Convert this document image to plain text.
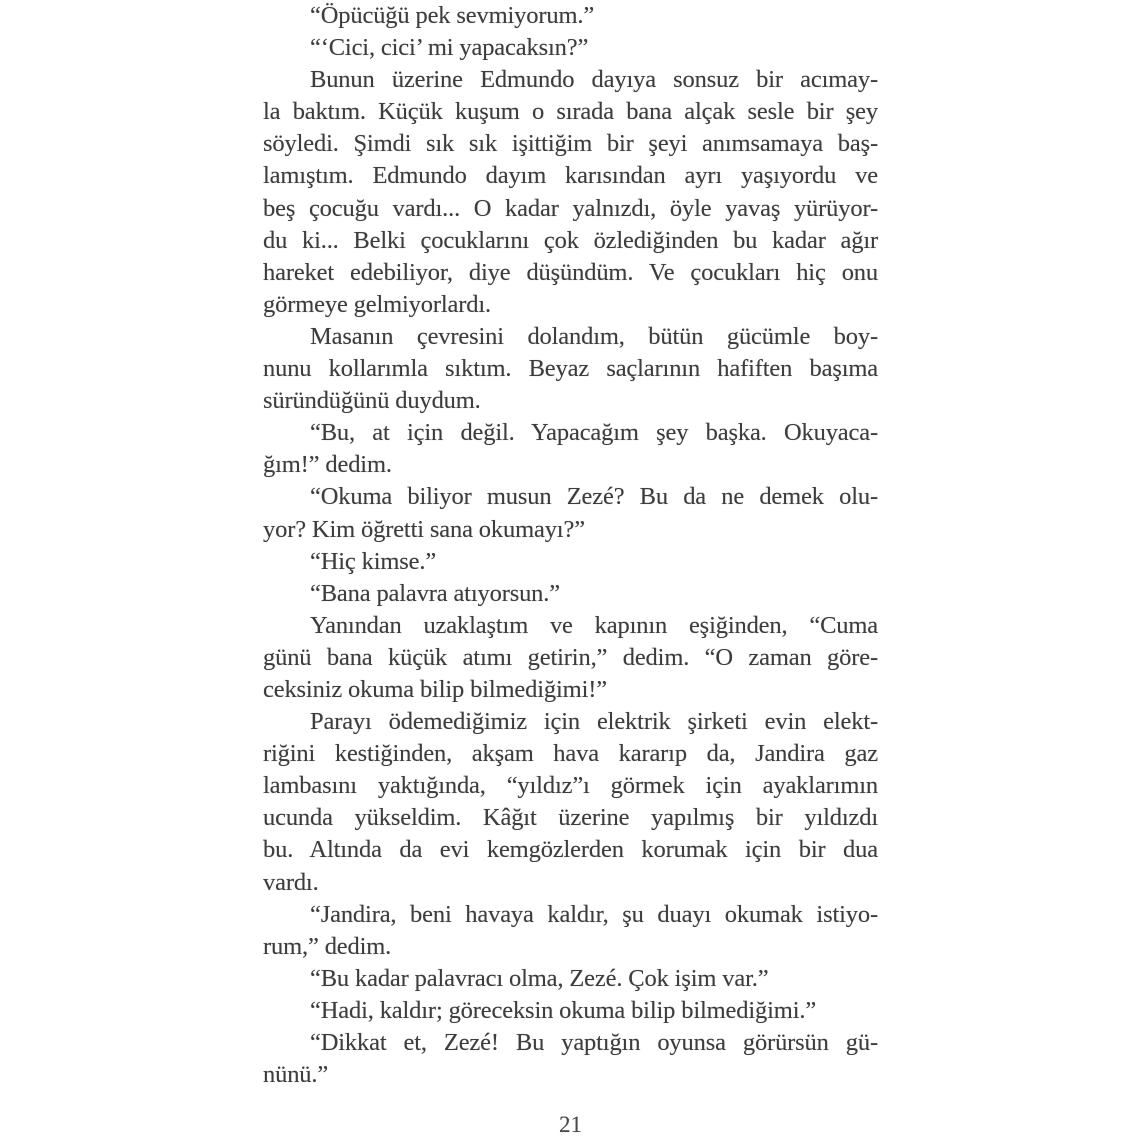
“Öpücüğü pek sevmiyorum.”
“‘Cici, cici’ mi yapacaksın?”
Bunun üzerine Edmundo dayıya sonsuz bir acımay-
la baktım. Küçük kuşum o sırada bana alçak sesle bir şey
söyledi. Şimdi sık sık işittiğim bir şeyi anımsamaya baş-
lamıştım. Edmundo dayım karısından ayrı yaşıyordu ve
beş çocuğu vardı... O kadar yalnızdı, öyle yavaş yürüyor-
du ki... Belki çocuklarını çok özlediğinden bu kadar ağır
hareket edebiliyor, diye düşündüm. Ve çocukları hiç onu
görmeye gelmiyorlardı.
Masanın çevresini dolandım, bütün gücümle boy-
nunu kollarımla sıktım. Beyaz saçlarının hafiften başıma
süründüğünü duydum.
“Bu, at için değil. Yapacağım şey başka. Okuyaca-
ğım!” dedim.
“Okuma biliyor musun Zezé? Bu da ne demek olu-
yor? Kim öğretti sana okumayı?”
“Hiç kimse.”
“Bana palavra atıyorsun.”
Yanından uzaklaştım ve kapının eşiğinden, “Cuma
günü bana küçük atımı getirin,” dedim. “O zaman göre-
ceksiniz okuma bilip bilmediğimi!”
Parayı ödemediğimiz için elektrik şirketi evin elekt-
riğini kestiğinden, akşam hava kararıp da, Jandira gaz
lambasını yaktığında, “yıldız”ı görmek için ayaklarımın
ucunda yükseldim. Kâğıt üzerine yapılmış bir yıldızdı
bu. Altında da evi kemgözlerden korumak için bir dua
vardı.
“Jandira, beni havaya kaldır, şu duayı okumak istiyo-
rum,” dedim.
“Bu kadar palavracı olma, Zezé. Çok işim var.”
“Hadi, kaldır; göreceksin okuma bilip bilmediğimi.”
“Dikkat et, Zezé! Bu yaptığın oyunsa görürsün gü-
nünü.”
21
